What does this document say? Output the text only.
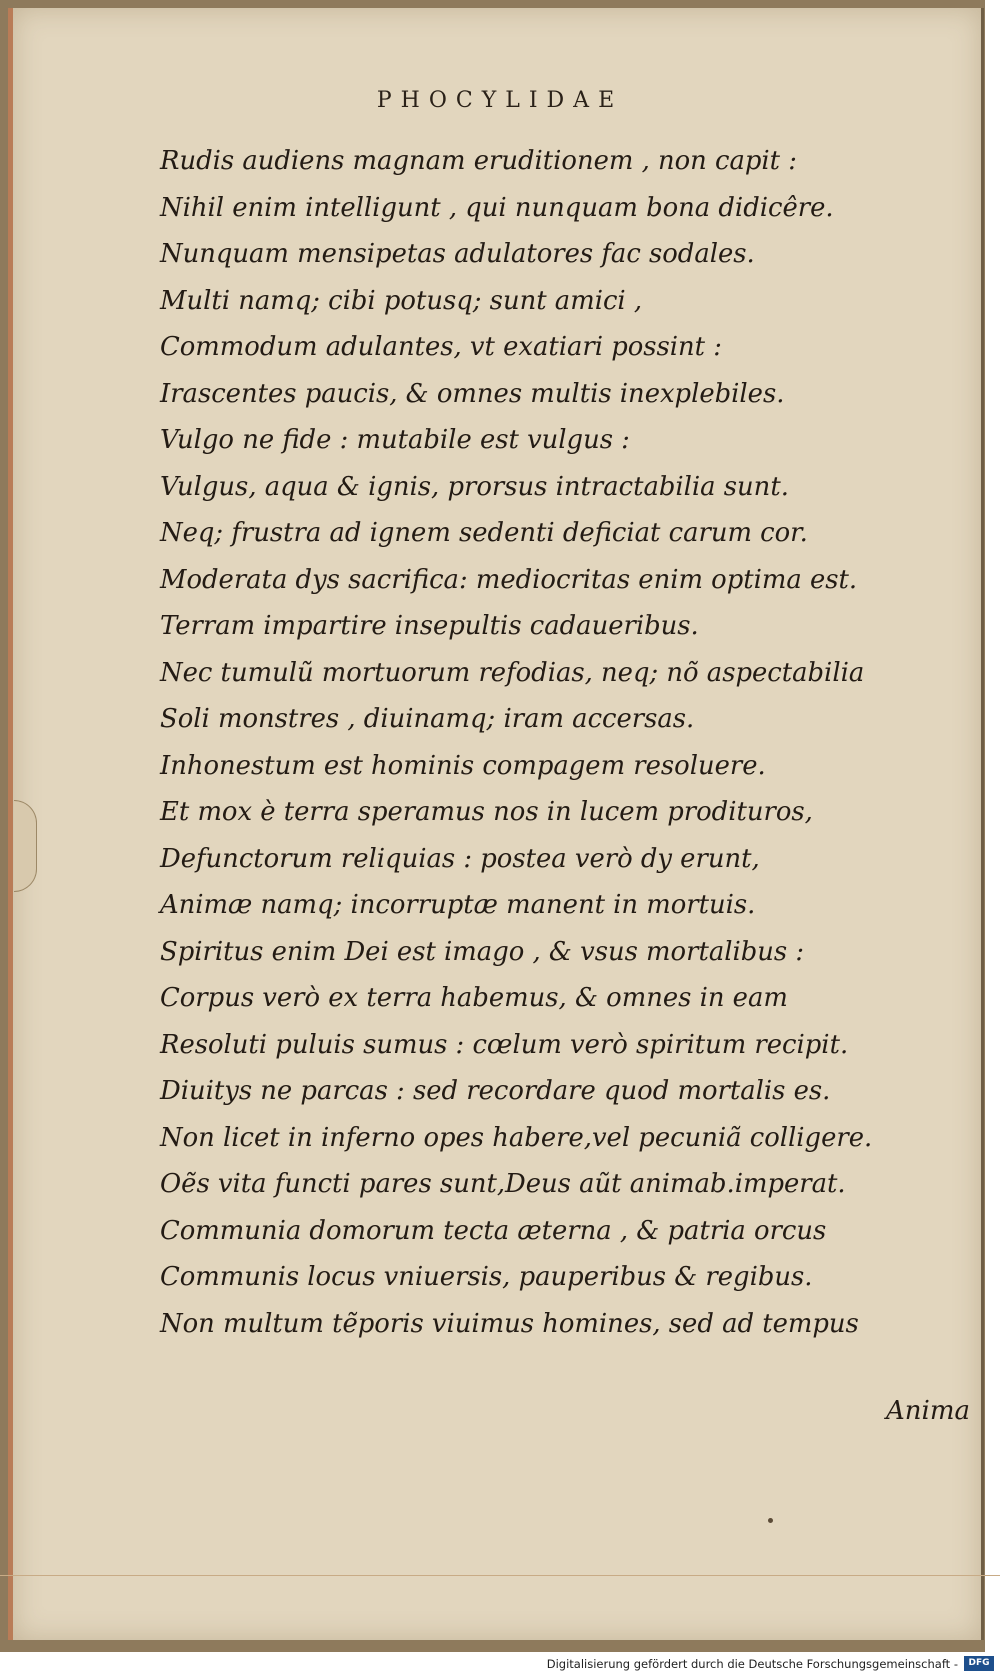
PHOCYLIDAE
Rudis audiens magnam eruditionem , non capit :
Nihil enim intelligunt , qui nunquam bona didicêre.
Nunquam mensipetas adulatores fac sodales.
Multi namq; cibi potusq; sunt amici ,
Commodum adulantes, vt exatiari possint :
Irascentes paucis, & omnes multis inexplebiles.
Vulgo ne fide : mutabile est vulgus :
Vulgus, aqua & ignis, prorsus intractabilia sunt.
Neq; frustra ad ignem sedenti deficiat carum cor.
Moderata dys sacrifica: mediocritas enim optima est.
Terram impartire insepultis cadaueribus.
Nec tumulũ mortuorum refodias, neq; nõ aspectabilia
Soli monstres , diuinamq; iram accersas.
Inhonestum est hominis compagem resoluere.
Et mox è terra speramus nos in lucem prodituros,
Defunctorum reliquias : postea verò dy erunt,
Animæ namq; incorruptæ manent in mortuis.
Spiritus enim Dei est imago , & vsus mortalibus :
Corpus verò ex terra habemus, & omnes in eam
Resoluti puluis sumus : cœlum verò spiritum recipit.
Diuitys ne parcas : sed recordare quod mortalis es.
Non licet in inferno opes habere,vel pecuniã colligere.
Oẽs vita functi pares sunt,Deus aũt animab.imperat.
Communia domorum tecta æterna , & patria orcus
Communis locus vniuersis, pauperibus & regibus.
Non multum tẽporis viuimus homines, sed ad tempus
Anima
Digitalisierung gefördert durch die Deutsche Forschungsgemeinschaft -	DFG
